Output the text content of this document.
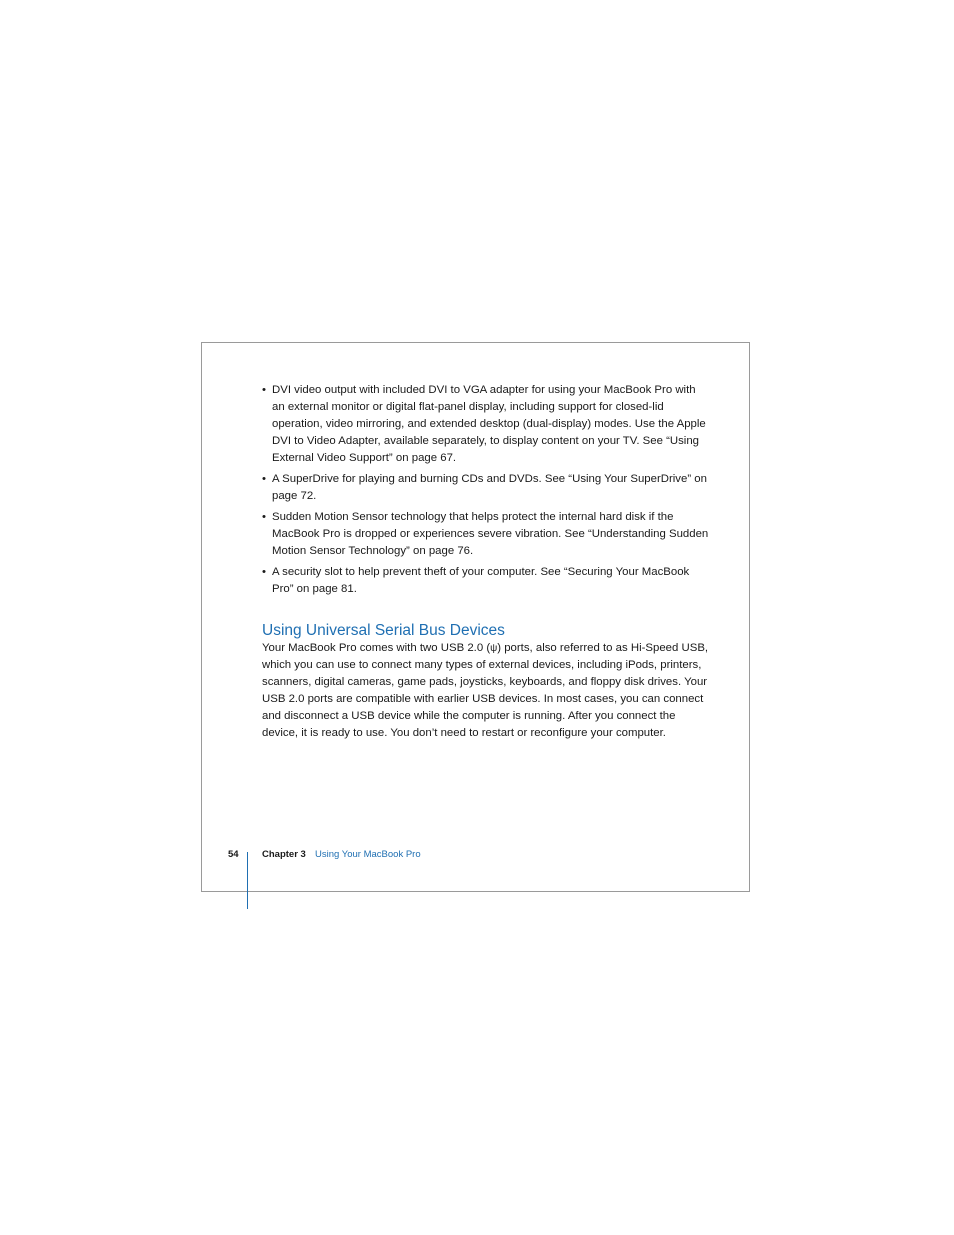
• DVI video output with included DVI to VGA adapter for using your MacBook Pro with an external monitor or digital flat-panel display, including support for closed-lid operation, video mirroring, and extended desktop (dual-display) modes. Use the Apple DVI to Video Adapter, available separately, to display content on your TV. See “Using External Video Support” on page 67.
• A SuperDrive for playing and burning CDs and DVDs. See “Using Your SuperDrive” on page 72.
• Sudden Motion Sensor technology that helps protect the internal hard disk if the MacBook Pro is dropped or experiences severe vibration. See “Understanding Sudden Motion Sensor Technology” on page 76.
• A security slot to help prevent theft of your computer. See “Securing Your MacBook Pro” on page 81.
Using Universal Serial Bus Devices

Your MacBook Pro comes with two USB 2.0 (ψ) ports, also referred to as Hi-Speed USB, which you can use to connect many types of external devices, including iPods, printers, scanners, digital cameras, game pads, joysticks, keyboards, and floppy disk drives. Your USB 2.0 ports are compatible with earlier USB devices. In most cases, you can connect and disconnect a USB device while the computer is running. After you connect the device, it is ready to use. You don’t need to restart or reconfigure your computer.

54 Chapter 3 Using Your MacBook Pro
